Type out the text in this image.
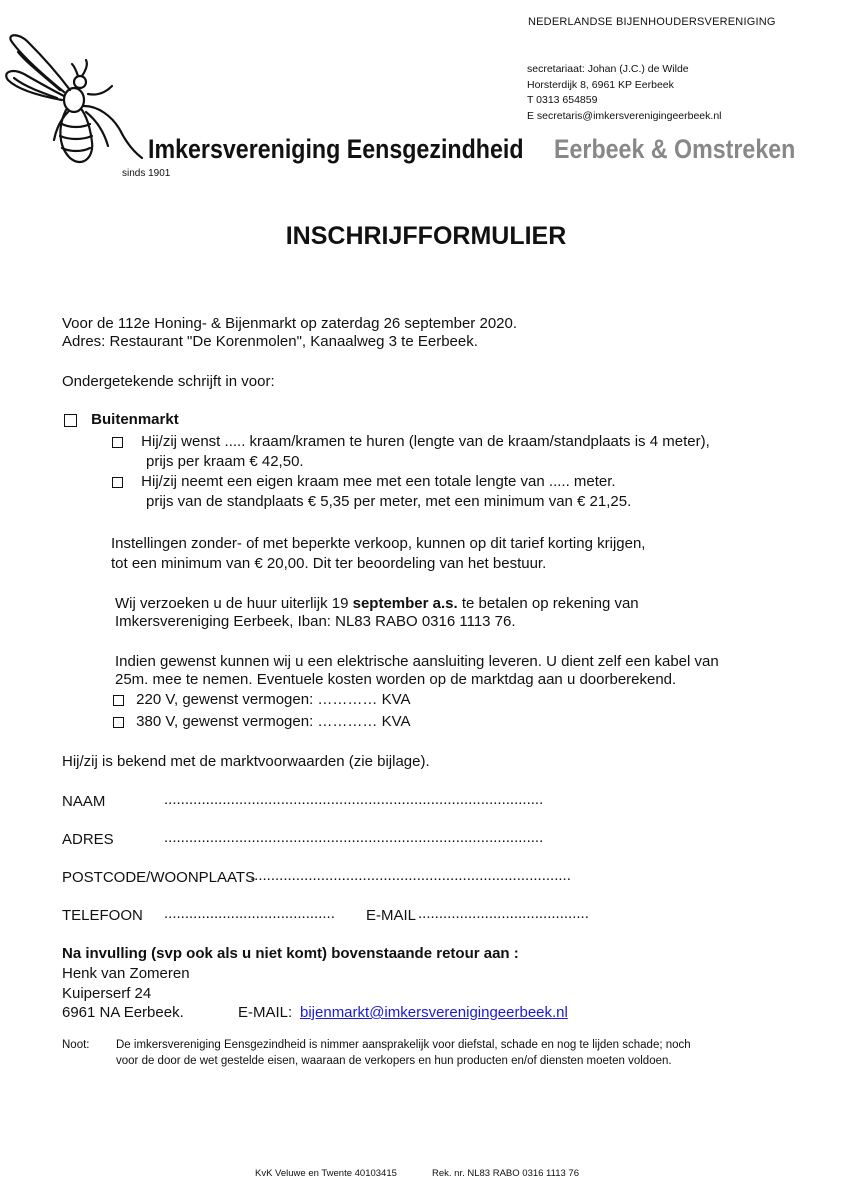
NEDERLANDSE BIJENHOUDERSVERENIGING
secretariaat: Johan (J.C.) de Wilde
Horsterdijk 8, 6961 KP Eerbeek
T 0313 654859
E secretaris@imkersverenigingeerbeek.nl
Imkersvereniging Eensgezindheid Eerbeek & Omstreken
sinds 1901
INSCHRIJFFORMULIER
Voor de 112e Honing- & Bijenmarkt op zaterdag 26 september 2020.
Adres: Restaurant "De Korenmolen", Kanaalweg 3 te Eerbeek.
Ondergetekende schrijft in voor:
Buitenmarkt
Hij/zij wenst ..... kraam/kramen te huren (lengte van de kraam/standplaats is 4 meter),
prijs per kraam € 42,50.
Hij/zij neemt een eigen kraam mee met een totale lengte van ..... meter.
prijs van de standplaats € 5,35 per meter, met een minimum van € 21,25.
Instellingen zonder- of met beperkte verkoop, kunnen op dit tarief korting krijgen,
tot een minimum van € 20,00. Dit ter beoordeling van het bestuur.
Wij verzoeken u de huur uiterlijk 19 september a.s. te betalen op rekening van
Imkersvereniging Eerbeek, Iban: NL83 RABO 0316 1113 76.
Indien gewenst kunnen wij u een elektrische aansluiting leveren. U dient zelf een kabel van
25m. mee te nemen. Eventuele kosten worden op de marktdag aan u doorberekend.
220 V, gewenst vermogen: ………… KVA
380 V, gewenst vermogen: ………… KVA
Hij/zij is bekend met de marktvoorwaarden (zie bijlage).
NAAM	...........................................................................................
ADRES	...........................................................................................
POSTCODE/WOONPLAATS
.............................................................................
TELEFOON ......................................... E-MAIL .........................................
Na invulling (svp ook als u niet komt) bovenstaande retour aan :
Henk van Zomeren
Kuiperserf 24
6961 NA Eerbeek.	E-MAIL: bijenmarkt@imkersverenigingeerbeek.nl
Noot: De imkersvereniging Eensgezindheid is nimmer aansprakelijk voor diefstal, schade en nog te lijden schade; noch
voor de door de wet gestelde eisen, waaraan de verkopers en hun producten en/of diensten moeten voldoen.
KvK Veluwe en Twente 40103415	Rek. nr. NL83 RABO 0316 1113 76
